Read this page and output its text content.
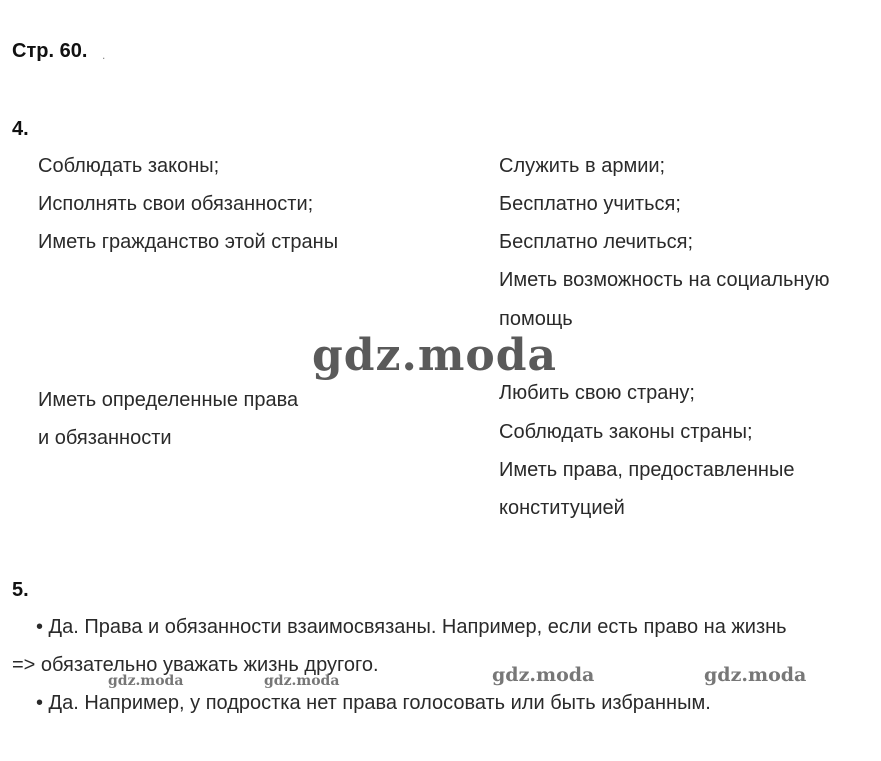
Стр. 60. .
4.
Соблюдать законы;
Исполнять свои обязанности;
Иметь гражданство этой страны
Служить в армии;
Бесплатно учиться;
Бесплатно лечиться;
Иметь возможность на социальную
помощь
gdz.moda
Иметь определенные права
и обязанности
Любить свою страну;
Соблюдать законы страны;
Иметь права, предоставленные
конституцией
5.
• Да. Права и обязанности взаимосвязаны. Например, если есть право на жизнь
=> обязательно уважать жизнь другого.
gdz.moda	gdz.moda	gdz.moda	gdz.moda
• Да. Например, у подростка нет права голосовать или быть избранным.
